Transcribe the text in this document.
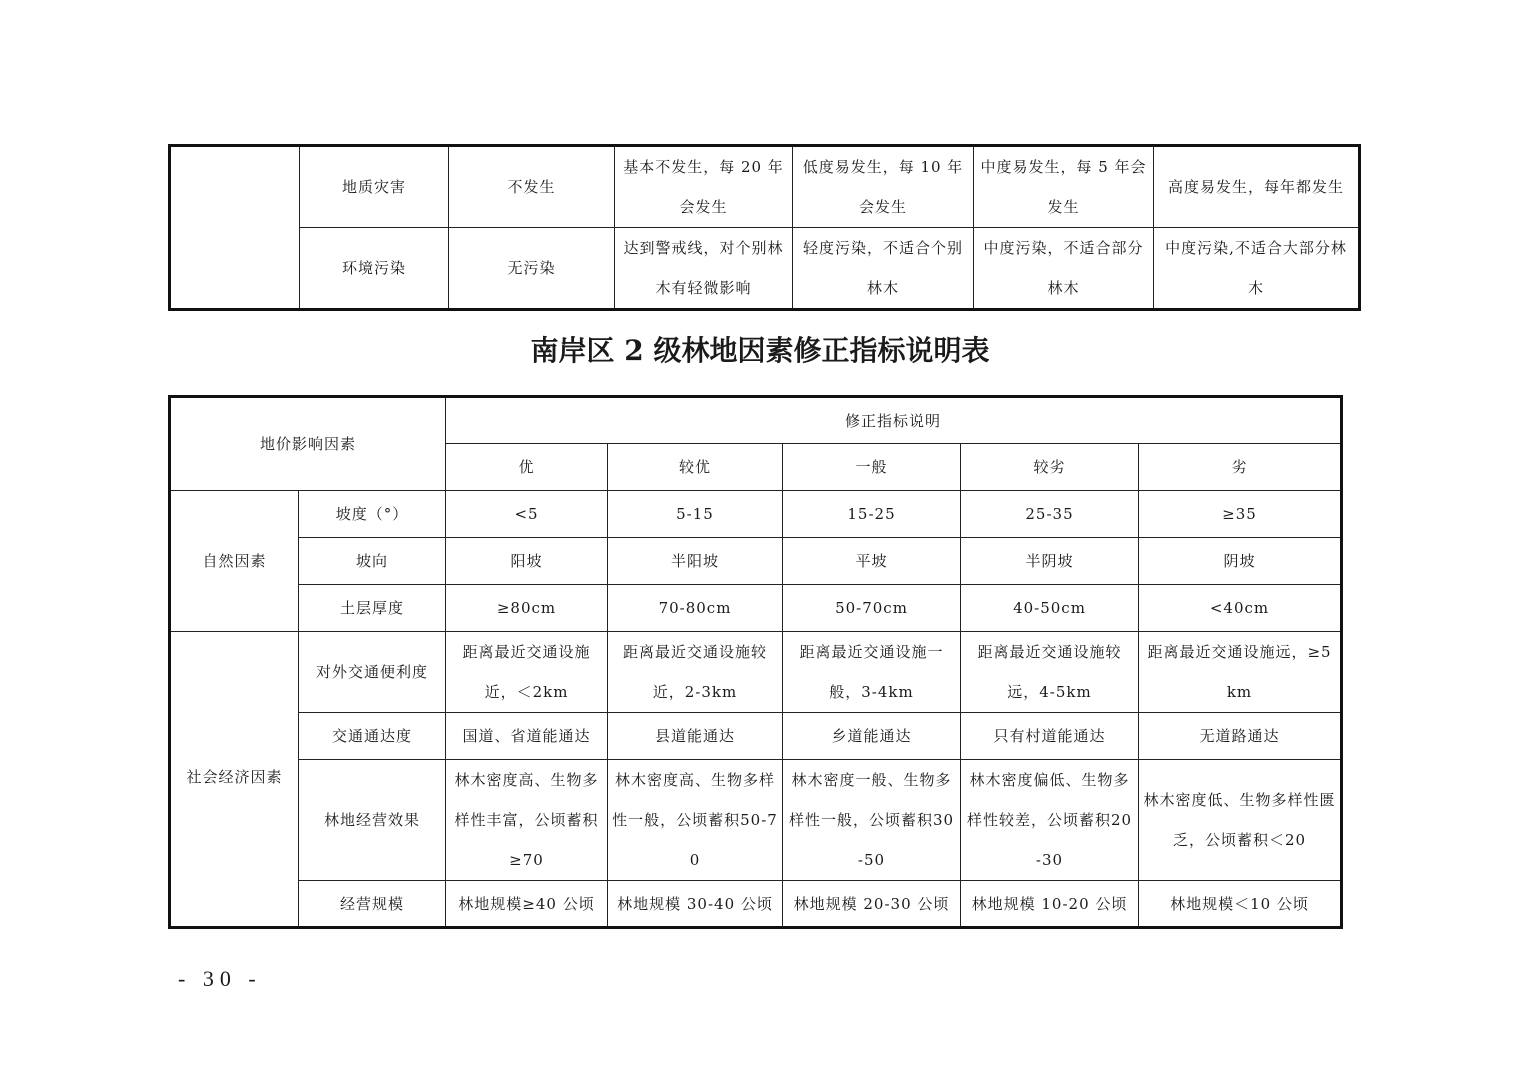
	地质灾害	不发生	基本不发生，每 20 年会发生	低度易发生，每 10 年会发生	中度易发生，每 5 年会发生	高度易发生，每年都发生
	环境污染	无污染	达到警戒线，对个别林木有轻微影响	轻度污染，不适合个别林木	中度污染，不适合部分林木	中度污染,不适合大部分林木
南岸区 2 级林地因素修正指标说明表
地价影响因素		修正指标说明				
		优	较优	一般	较劣	劣
自然因素	坡度（°）	<5	5-15	15-25	25-35	≥35
	坡向	阳坡	半阳坡	平坡	半阴坡	阴坡
	土层厚度	≥80cm	70-80cm	50-70cm	40-50cm	<40cm
社会经济因素	对外交通便利度	距离最近交通设施近，＜2km	距离最近交通设施较近，2-3km	距离最近交通设施一般，3-4km	距离最近交通设施较远，4-5km	距离最近交通设施远，≥5km
	交通通达度	国道、省道能通达	县道能通达	乡道能通达	只有村道能通达	无道路通达
	林地经营效果	林木密度高、生物多样性丰富，公顷蓄积≥70	林木密度高、生物多样性一般，公顷蓄积50-70	林木密度一般、生物多样性一般，公顷蓄积30-50	林木密度偏低、生物多样性较差，公顷蓄积20-30	林木密度低、生物多样性匮乏，公顷蓄积＜20
	经营规模	林地规模≥40 公顷	林地规模 30-40 公顷	林地规模 20-30 公顷	林地规模 10-20 公顷	林地规模＜10 公顷
- 30 -
